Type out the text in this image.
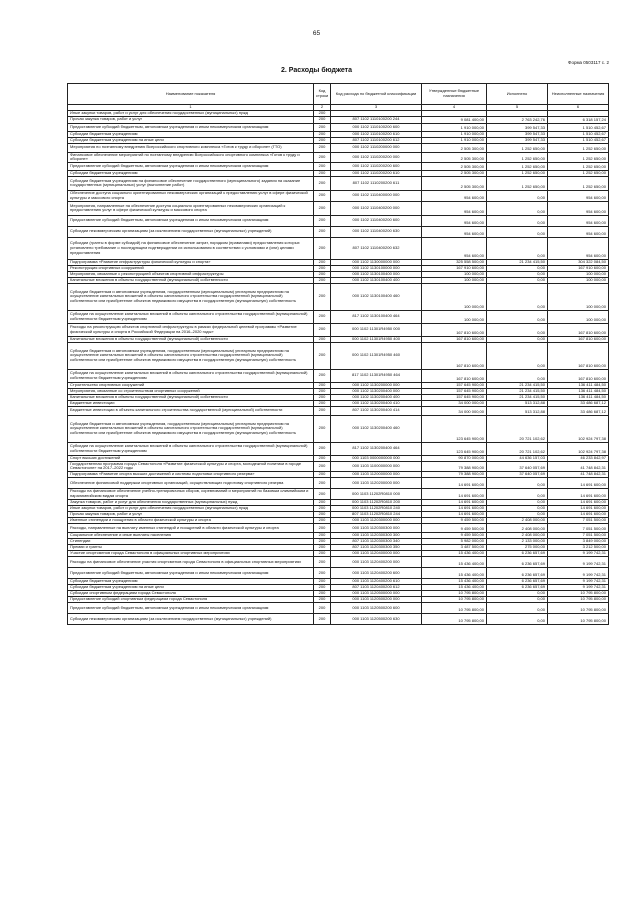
65
Форма 0503117 с. 2
2. Расходы бюджета
Наименование показателя	Код строки	Код расхода по бюджетной классификации	Утвержденные бюджетные назначения	Исполнено	Неисполненные назначения
1	2	3	4	5	6
Иные закупки товаров, работ и услуг для обеспечения государственных (муниципальных) нужд	200				
Прочая закупка товаров, работ и услуг	200	807 1102 1110100200 244	9 081 400,00	2 763 242,76	6 318 157,24
Предоставление субсидий бюджетным, автономным учреждениям и иным некоммерческим организациям	200	000 1102 1110100200 600	1 910 000,00	399 547,33	1 510 452,67
Субсидии бюджетным учреждениям	200	000 1102 1110100200 610	1 910 000,00	399 547,33	1 510 452,67
Субсидии бюджетным учреждениям на иные цели	200	807 1102 1110100200 612	1 910 000,00	399 547,33	1 510 452,67
Мероприятия по поэтапному внедрению Всероссийского спортивного комплекса «Готов к труду и обороне» (ГТО)	200	000 1102 1110200000 000	2 505 300,00	1 252 650,00	1 252 650,00
Финансовое обеспечение мероприятий по поэтапному внедрению Всероссийского спортивного комплекса «Готов к труду и обороне»	200	000 1102 1110200200 000	2 505 300,00	1 252 650,00	1 252 650,00
Предоставление субсидий бюджетным, автономным учреждениям и иным некоммерческим организациям	200	000 1102 1110200200 600	2 505 300,00	1 252 650,00	1 252 650,00
Субсидии бюджетным учреждениям	200	000 1102 1110200200 610	2 505 300,00	1 252 650,00	1 252 650,00
Субсидии бюджетным учреждениям на финансовое обеспечение государственного (муниципального) задания на оказание государственных (муниципальных) услуг (выполнение работ)	200	807 1102 1110200200 611	2 505 300,00	1 252 650,00	1 252 650,00
Обеспечение доступа социально ориентированных некоммерческих организаций к предоставлению услуг в сфере физической культуры и массового спорта	200	000 1102 1110400000 000	954 600,00	0,00	954 600,00
Мероприятия, направленные на обеспечение доступа социально ориентированных некоммерческих организаций к предоставлению услуг в сфере физической культуры и массового спорта	200	000 1102 1110400200 000	954 600,00	0,00	954 600,00
Предоставление субсидий бюджетным, автономным учреждениям и иным некоммерческим организациям	200	000 1102 1110400200 600	954 600,00	0,00	954 600,00
Субсидии некоммерческим организациям (за исключением государственных (муниципальных) учреждений)	200	000 1102 1110400200 630	954 600,00	0,00	954 600,00
Субсидии (гранты в форме субсидий) на финансовое обеспечение затрат, порядком (правилами) предоставления которых установлено требование о последующем подтверждении их использования в соответствии с условиями и (или) целями предоставления	200	807 1102 1110400200 632	954 600,00	0,00	954 600,00
Подпрограмма «Развитие инфраструктуры физической культуры и спорта»	200	000 1102 1130000000 000	325 558 500,00	21 234 415,50	304 322 084,50
Реконструкция спортивных сооружений	200	000 1102 1130100000 000	167 910 600,00	0,00	167 910 600,00
Мероприятия, связанные с реконструкцией объектов спортивной инфраструктуры	200	000 1102 1130100400 000	100 000,00	0,00	100 000,00
Капитальные вложения в объекты государственной (муниципальной) собственности	200	000 1102 1130100400 400	100 000,00	0,00	100 000,00
Субсидии бюджетным и автономным учреждениям, государственным (муниципальным) унитарным предприятиям на осуществление капитальных вложений в объекты капитального строительства государственной (муниципальной) собственности или приобретение объектов недвижимого имущества в государственную (муниципальную) собственность	200	000 1102 1130100400 460	100 000,00	0,00	100 000,00
Субсидии на осуществление капитальных вложений в объекты капитального строительства государственной (муниципальной) собственности бюджетным учреждениям	200	817 1102 1130100400 464	100 000,00	0,00	100 000,00
Расходы на реконструкцию объектов спортивной инфраструктуры в рамках федеральной целевой программы «Развитие физической культуры и спорта в Российской Федерации на 2016–2020 годы»	200	000 1102 11301R4950 000	167 810 600,00	0,00	167 810 600,00
Капитальные вложения в объекты государственной (муниципальной) собственности	200	000 1102 11301R4950 400	167 810 600,00	0,00	167 810 600,00
Субсидии бюджетным и автономным учреждениям, государственным (муниципальным) унитарным предприятиям на осуществление капитальных вложений в объекты капитального строительства государственной (муниципальной) собственности или приобретение объектов недвижимого имущества в государственную (муниципальную) собственность	200	000 1102 11301R4950 460	167 810 600,00	0,00	167 810 600,00
Субсидии на осуществление капитальных вложений в объекты капитального строительства государственной (муниципальной) собственности бюджетным учреждениям	200	817 1102 11301R4950 464	167 810 600,00	0,00	167 810 600,00
Строительство спортивных сооружений	200	000 1102 1130200000 000	157 645 900,00	21 234 415,50	136 411 484,50
Мероприятия, связанные со строительством спортивных сооружений	200	000 1102 1130200400 000	157 645 900,00	21 234 415,50	136 411 484,50
Капитальные вложения в объекты государственной (муниципальной) собственности	200	000 1102 1130200400 400	157 645 900,00	21 234 415,50	136 411 484,50
Бюджетные инвестиции	200	000 1102 1130200400 410	34 000 000,00	513 312,88	33 486 687,12
Бюджетные инвестиции в объекты капитального строительства государственной (муниципальной) собственности	200	807 1102 1130200400 414	34 000 000,00	513 312,88	33 486 687,12
Субсидии бюджетным и автономным учреждениям, государственным (муниципальным) унитарным предприятиям на осуществление капитальных вложений в объекты капитального строительства государственной (муниципальной) собственности или приобретение объектов недвижимого имущества в государственную (муниципальную) собственность	200	000 1102 1130200400 460	123 645 900,00	20 721 102,62	102 924 797,38
Субсидии на осуществление капитальных вложений в объекты капитального строительства государственной (муниципальной) собственности бюджетным учреждениям	200	817 1102 1130200400 464	123 645 900,00	20 721 102,62	102 924 797,38
Спорт высших достижений	200	000 1103 0000000000 000	90 870 000,00	44 636 157,03	46 233 842,97
Государственная программа города Севастополя «Развитие физической культуры и спорта, молодежной политики в городе Севастополе» на 2017–2022 годы	200	000 1103 1100000000 000	79 388 900,00	37 640 057,69	41 748 842,31
Подпрограмма «Развитие спорта высших достижений и системы подготовки спортивного резерва»	200	000 1103 1120000000 000	79 388 900,00	37 640 057,69	41 748 842,31
Обеспечение финансовой поддержки спортивных организаций, осуществляющих подготовку спортивного резерва	200	000 1103 1120200000 000	14 691 600,00	0,00	14 691 600,00
Расходы на финансовое обеспечение учебно-тренировочных сборов, соревнований и мероприятий по базовым олимпийским и паралимпийским видам спорта	200	000 1103 11202R0810 000	14 691 600,00	0,00	14 691 600,00
Закупка товаров, работ и услуг для обеспечения государственных (муниципальных) нужд	200	000 1103 11202R0810 200	14 691 600,00	0,00	14 691 600,00
Иные закупки товаров, работ и услуг для обеспечения государственных (муниципальных) нужд	200	000 1103 11202R0810 240	14 691 600,00	0,00	14 691 600,00
Прочая закупка товаров, работ и услуг	200	807 1103 11202R0810 244	14 691 600,00	0,00	14 691 600,00
Именные стипендии и поощрения в области физической культуры и спорта	200	000 1103 1120300000 000	9 459 500,00	2 408 000,00	7 051 500,00
Расходы, направленные на выплату именных стипендий и поощрений в области физической культуры и спорта	200	000 1103 1120300300 000	9 459 500,00	2 408 000,00	7 051 500,00
Социальное обеспечение и иные выплаты населению	200	000 1103 1120300300 300	9 459 500,00	2 408 000,00	7 051 500,00
Стипендии	200	807 1103 1120300300 340	5 982 000,00	2 133 000,00	3 849 000,00
Премии и гранты	200	807 1103 1120300300 350	3 487 500,00	275 000,00	3 212 500,00
Участие спортсменов города Севастополя в официальных спортивных мероприятиях	200	000 1103 1120400000 000	15 436 400,00	6 236 657,69	9 199 742,31
Расходы на финансовое обеспечение участия спортсменов города Севастополя в официальных спортивных мероприятиях	200	000 1103 1120400200 000	15 436 400,00	6 236 657,69	9 199 742,31
Предоставление субсидий бюджетным, автономным учреждениям и иным некоммерческим организациям	200	000 1103 1120400200 600	15 436 400,00	6 236 657,69	9 199 742,31
Субсидии бюджетным учреждениям	200	000 1103 1120400200 610	15 436 400,00	6 236 657,69	9 199 742,31
Субсидии бюджетным учреждениям на иные цели	200	807 1103 1120400200 612	15 436 400,00	6 236 657,69	9 199 742,31
Субсидии спортивным федерациям города Севастополя	200	000 1103 1120500000 000	10 795 800,00	0,00	10 795 800,00
Предоставление субсидий спортивным федерациям города Севастополя	200	000 1103 1120500200 000	10 795 800,00	0,00	10 795 800,00
Предоставление субсидий бюджетным, автономным учреждениям и иным некоммерческим организациям	200	000 1103 1120500200 600	10 795 800,00	0,00	10 795 800,00
Субсидии некоммерческим организациям (за исключением государственных (муниципальных) учреждений)	200	000 1103 1120500200 630	10 795 800,00	0,00	10 795 800,00
